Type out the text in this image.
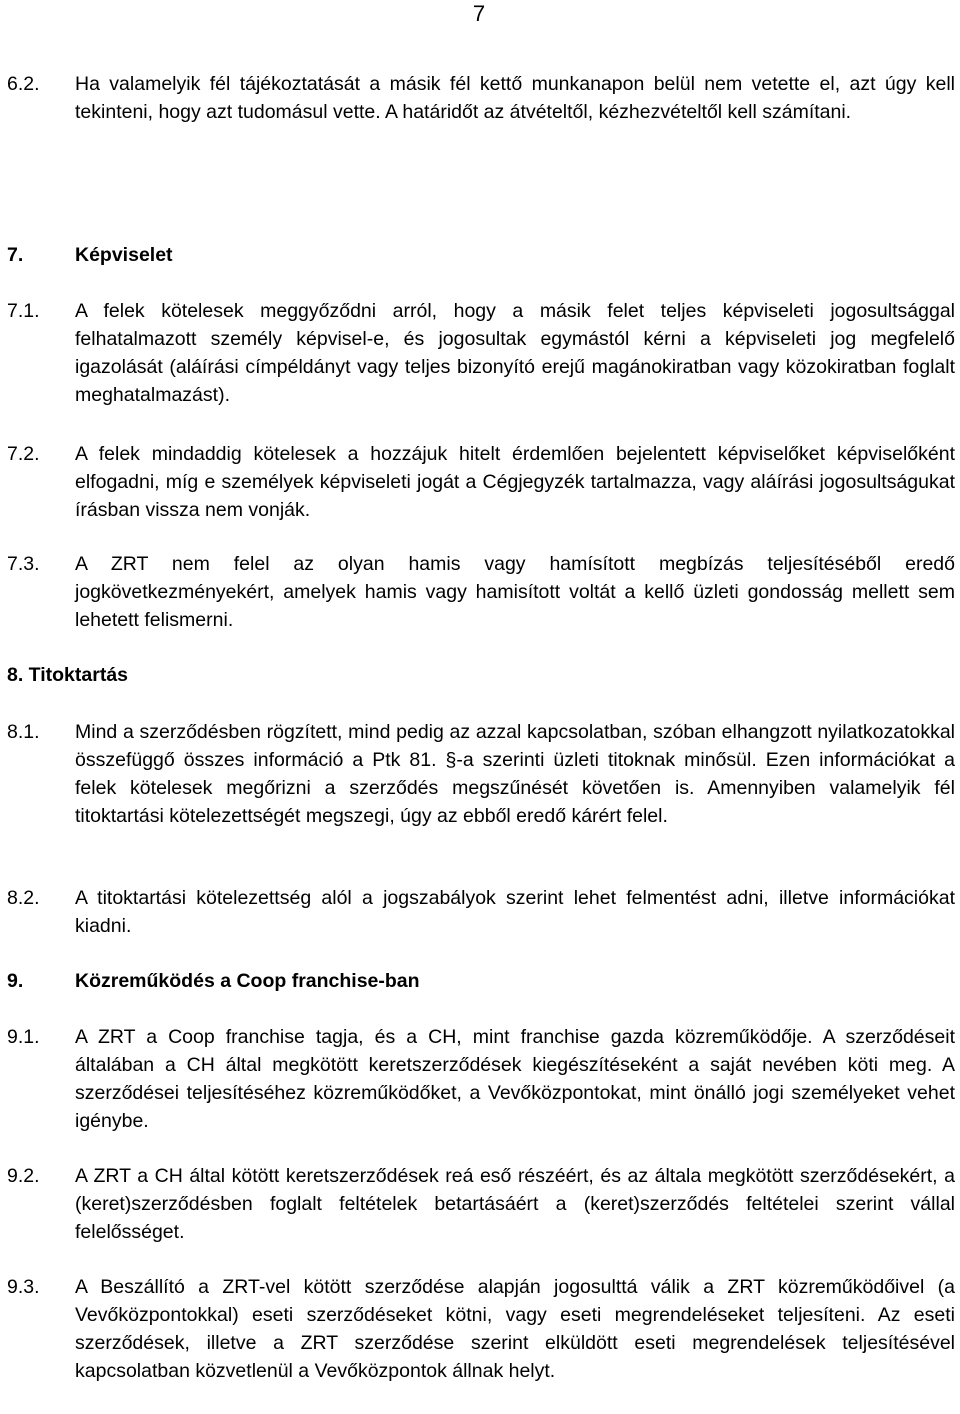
7
6.2. Ha valamelyik fél tájékoztatását a másik fél kettő munkanapon belül nem vetette el, azt úgy kell tekinteni, hogy azt tudomásul vette. A határidőt az átvételtől, kézhezvételtől kell számítani.

7.	Képviselet
7.1. A felek kötelesek meggyőződni arról, hogy a másik felet teljes képviseleti jogosultsággal felhatalmazott személy képvisel-e, és jogosultak egymástól kérni a képviseleti jog megfelelő igazolását (aláírási címpéldányt vagy teljes bizonyító erejű magánokiratban vagy közokiratban foglalt meghatalmazást).

7.2. A felek mindaddig kötelesek a hozzájuk hitelt érdemlően bejelentett képviselőket képviselőként elfogadni, míg e személyek képviseleti jogát a Cégjegyzék tartalmazza, vagy aláírási jogosultságukat írásban vissza nem vonják.

7.3. A ZRT nem felel az olyan hamis vagy hamísított megbízás teljesítéséből eredő jogkövetkezményekért, amelyek hamis vagy hamisított voltát a kellő üzleti gondosság mellett sem lehetett felismerni.

8. Titoktartás
8.1. Mind a szerződésben rögzített, mind pedig az azzal kapcsolatban, szóban elhangzott nyilatkozatokkal összefüggő összes információ a Ptk 81. §-a szerinti üzleti titoknak minősül. Ezen információkat a felek kötelesek megőrizni a szerződés megszűnését követően is. Amennyiben valamelyik fél titoktartási kötelezettségét megszegi, úgy az ebből eredő kárért felel.

8.2. A titoktartási kötelezettség alól a jogszabályok szerint lehet felmentést adni, illetve információkat kiadni.

9.	Közreműködés a Coop franchise-ban
9.1. A ZRT a Coop franchise tagja, és a CH, mint franchise gazda közreműködője. A szerződéseit általában a CH által megkötött keretszerződések kiegészítéseként a saját nevében köti meg. A szerződései teljesítéséhez közreműködőket, a Vevőközpontokat, mint önálló jogi személyeket vehet igénybe.

9.2. A ZRT a CH által kötött keretszerződések reá eső részéért, és az általa megkötött szerződésekért, a (keret)szerződésben foglalt feltételek betartásáért a (keret)szerződés feltételei szerint vállal felelősséget.

9.3. A Beszállító a ZRT-vel kötött szerződése alapján jogosulttá válik a ZRT közreműködőivel (a Vevőközpontokkal) eseti szerződéseket kötni, vagy eseti megrendeléseket teljesíteni. Az eseti szerződések, illetve a ZRT szerződése szerint elküldött eseti megrendelések teljesítésével kapcsolatban közvetlenül a Vevőközpontok állnak helyt.
